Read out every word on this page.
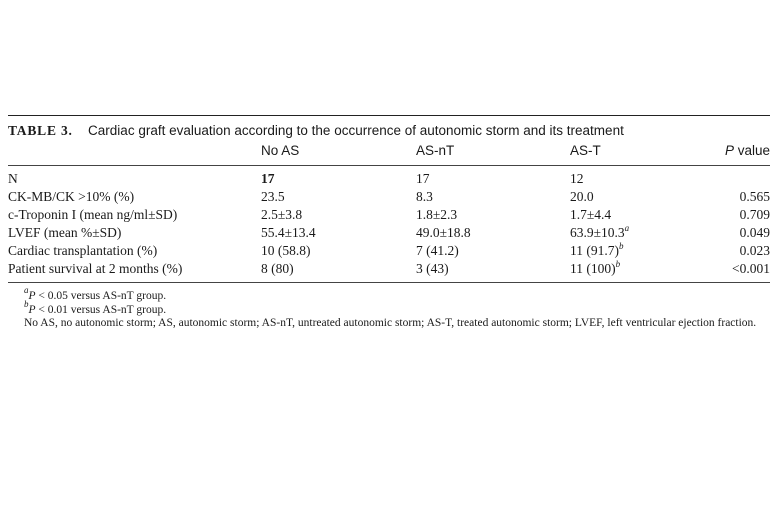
TABLE 3. Cardiac graft evaluation according to the occurrence of autonomic storm and its treatment
	No AS	AS-nT	AS-T	P value

N	17	17	12	
CK-MB/CK >10% (%)	23.5	8.3	20.0	0.565
c-Troponin I (mean ng/ml±SD)	2.5±3.8	1.8±2.3	1.7±4.4	0.709
LVEF (mean %±SD)	55.4±13.4	49.0±18.8	63.9±10.3$^a$	0.049
Cardiac transplantation (%)	10 (58.8)	7 (41.2)	11 $(91.7)^b$	0.023
Patient survival at 2 months (%)	8 (80)	3 (43)	11 $(100)^b$	<0.001

$^a$P < 0.05 versus AS-nT group.

$^b$P < 0.01 versus AS-nT group.

No AS, no autonomic storm; AS, autonomic storm; AS-nT, untreated autonomic storm; AS-T, treated autonomic storm; LVEF, left ventricular ejection fraction.
